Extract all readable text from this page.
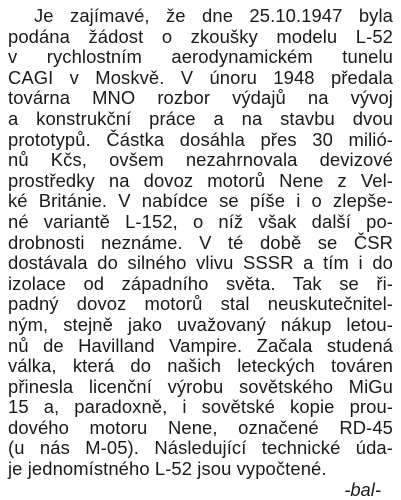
Je zajímavé, že dne 25.10.1947 byla
podána žádost o zkoušky modelu L-52
v rychlostním aerodynamickém tunelu
CAGI v Moskvě. V únoru 1948 předala
továrna MNO rozbor výdajů na vývoj
a konstrukční práce a na stavbu dvou
prototypů. Částka dosáhla přes 30 milió-
nů Kčs, ovšem nezahrnovala devizové
prostředky na dovoz motorů Nene z Vel-
ké Británie. V nabídce se píše i o zlepše-
né variantě L-152, o níž však další po-
drobnosti neznáme. V té době se ČSR
dostávala do silného vlivu SSSR a tím i do
izolace od západního světa. Tak se ři-
padný dovoz motorů stal neuskutečnitel-
ným, stejně jako uvažovaný nákup letou-
nů de Havilland Vampire. Začala studená
válka, která do našich leteckých továren
přinesla licenční výrobu sovětského MiGu
15 a, paradoxně, i sovětské kopie prou-
dového motoru Nene, označené RD-45
(u nás M-05). Následující technické úda-
je jednomístného L-52 jsou vypočtené.
-bal-
